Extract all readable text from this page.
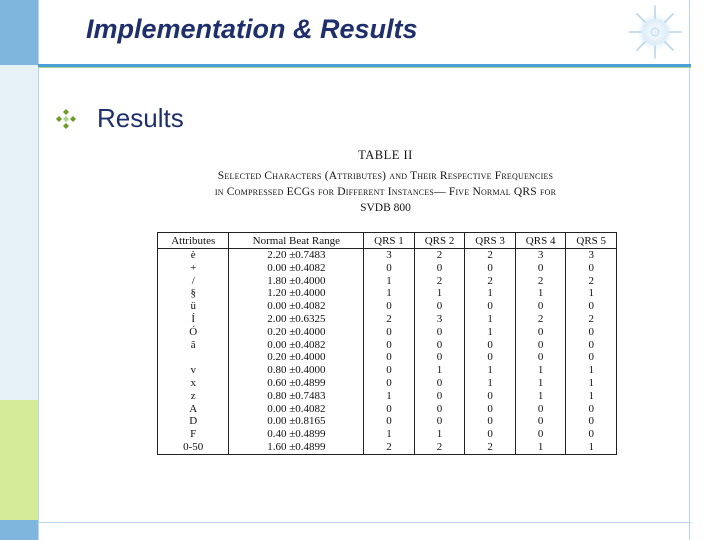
Implementation & Results
Results
TABLE II
Selected Characters (Attributes) and Their Respective Frequencies
in Compressed ECGs for Different Instances— Five Normal QRS for
SVDB 800
Attributes	Normal Beat Range	QRS 1	QRS 2	QRS 3	QRS 4	QRS 5
è	2.20 ±0.7483	3	2	2	3	3
+	0.00 ±0.4082	0	0	0	0	0
/	1.80 ±0.4000	1	2	2	2	2
§	1.20 ±0.4000	1	1	1	1	1
ü	0.00 ±0.4082	0	0	0	0	0
Í	2.00 ±0.6325	2	3	1	2	2
Ó	0.20 ±0.4000	0	0	1	0	0
ã	0.00 ±0.4082	0	0	0	0	0
	0.20 ±0.4000	0	0	0	0	0
v	0.80 ±0.4000	0	1	1	1	1
x	0.60 ±0.4899	0	0	1	1	1
z	0.80 ±0.7483	1	0	0	1	1
A	0.00 ±0.4082	0	0	0	0	0
D	0.00 ±0.8165	0	0	0	0	0
F	0.40 ±0.4899	1	1	0	0	0
0-50	1.60 ±0.4899	2	2	2	1	1
